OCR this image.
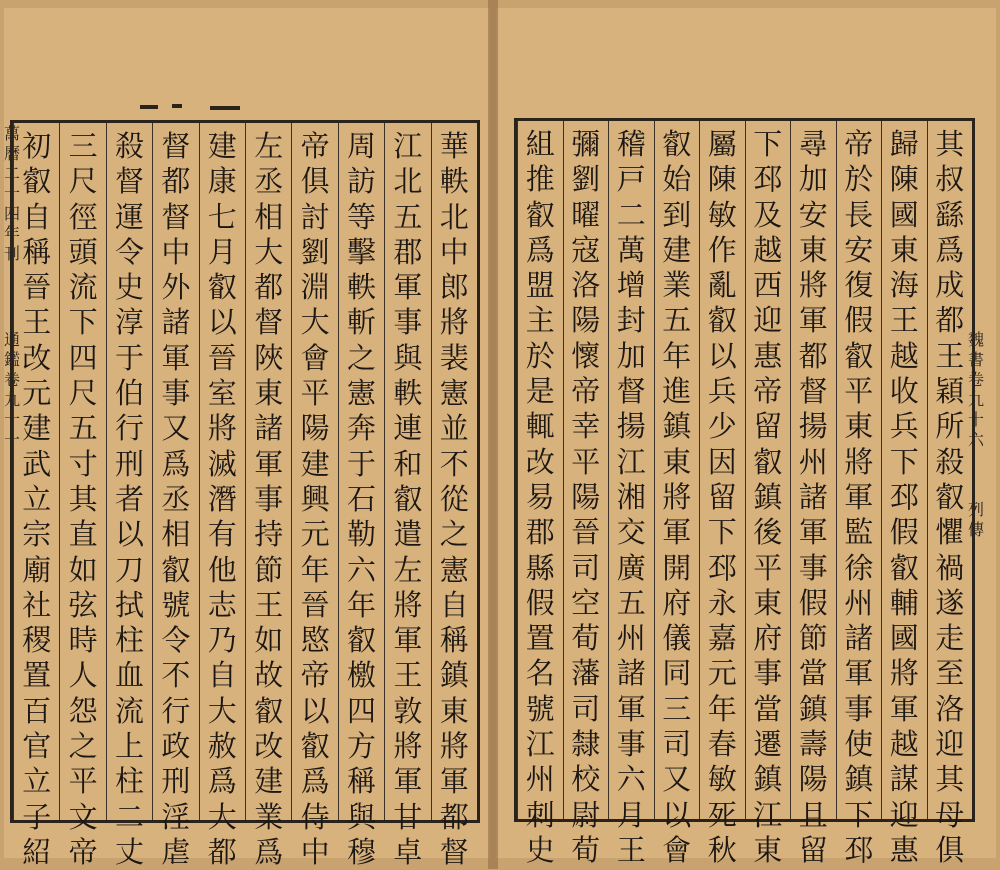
華
軼
北
中
郎
將
裴
憲
並
不
從
之
憲
自
稱
鎮
東
將
軍
都
督
江
北
五
郡
軍
事
與
軼
連
和
叡
遣
左
將
軍
王
敦
將
軍
甘
卓
周
訪
等
擊
軼
斬
之
憲
奔
于
石
勒
六
年
叡
檄
四
方
稱
與
穆
帝
俱
討
劉
淵
大
會
平
陽
建
興
元
年
晉
愍
帝
以
叡
爲
侍
中
左
丞
相
大
都
督
陜
東
諸
軍
事
持
節
王
如
故
叡
改
建
業
爲
建
康
七
月
叡
以
晉
室
將
滅
潛
有
他
志
乃
自
大
赦
爲
大
都
督
都
督
中
外
諸
軍
事
又
爲
丞
相
叡
號
令
不
行
政
刑
淫
虐
殺
督
運
令
史
淳
于
伯
行
刑
者
以
刀
拭
柱
血
流
上
柱
二
丈
三
尺
徑
頭
流
下
四
尺
五
寸
其
直
如
弦
時
人
怨
之
平
文
帝
初
叡
自
稱
晉
王
改
元
建
武
立
宗
廟
社
稷
置
百
官
立
子
紹
其
叔
繇
爲
成
都
王
穎
所
殺
叡
懼
禍
遂
走
至
洛
迎
其
母
俱
歸
陳
國
東
海
王
越
收
兵
下
邳
假
叡
輔
國
將
軍
越
謀
迎
惠
帝
於
長
安
復
假
叡
平
東
將
軍
監
徐
州
諸
軍
事
使
鎮
下
邳
尋
加
安
東
將
軍
都
督
揚
州
諸
軍
事
假
節
當
鎮
壽
陽
且
留
下
邳
及
越
西
迎
惠
帝
留
叡
鎮
後
平
東
府
事
當
遷
鎮
江
東
屬
陳
敏
作
亂
叡
以
兵
少
因
留
下
邳
永
嘉
元
年
春
敏
死
秋
叡
始
到
建
業
五
年
進
鎮
東
將
軍
開
府
儀
同
三
司
又
以
會
稽
戸
二
萬
增
封
加
督
揚
江
湘
交
廣
五
州
諸
軍
事
六
月
王
彌
劉
曜
寇
洛
陽
懷
帝
幸
平
陽
晉
司
空
荀
藩
司
隸
校
尉
荀
組
推
叡
爲
盟
主
於
是
輒
改
易
郡
縣
假
置
名
號
江
州
刺
史
萬
曆
二
十
四
年
刊
通
鑑
卷
九
十
一
魏
書
卷
九
十
六
列
傳
